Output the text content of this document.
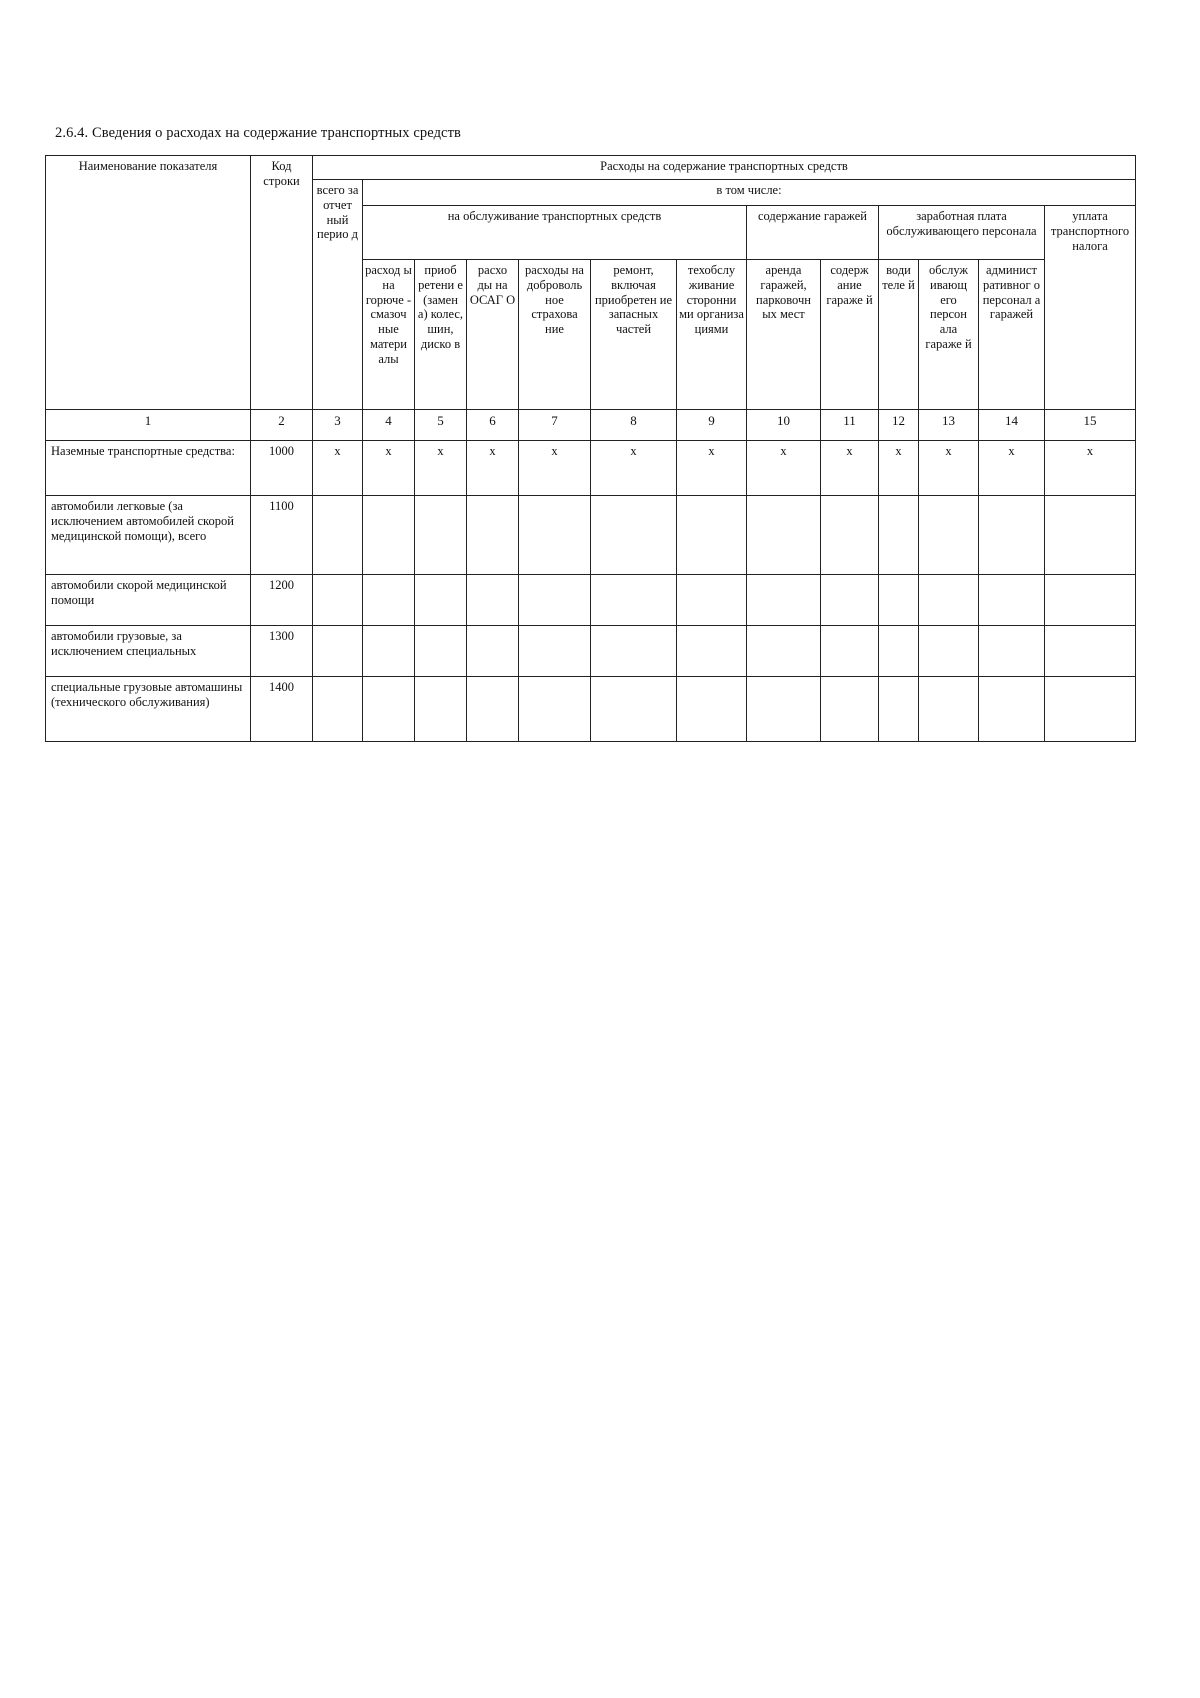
2.6.4. Сведения о расходах на содержание транспортных средств
Наименование показателя	Код строки	Расходы на содержание транспортных средств												
		всего за отчет ный перио д	в том числе:											
			на обслуживание транспортных средств						содержание гаражей		заработная плата обслуживающего персонала			уплата транспортного налога
			расход ы на горюче - смазоч ные матери алы	приоб ретени е (замен а) колес, шин, диско в	расхо ды на ОСАГ О	расходы на доброволь ное страхова ние	ремонт, включая приобретен ие запасных частей	техобслу живание сторонни ми организа циями	аренда гаражей, парковочн ых мест	содерж ание гараже й	води теле й	обслуж ивающ его персон ала гараже й	админист ративног о персонал а гаражей	
1	2	3	4	5	6	7	8	9	10	11	12	13	14	15
Наземные транспортные средства:	1000	x	x	x	x	x	x	x	x	x	x	x	x	x
автомобили легковые (за исключением автомобилей скорой медицинской помощи), всего	1100													
автомобили скорой медицинской помощи	1200													
автомобили грузовые, за исключением специальных	1300													
специальные грузовые автомашины (технического обслуживания)	1400													
